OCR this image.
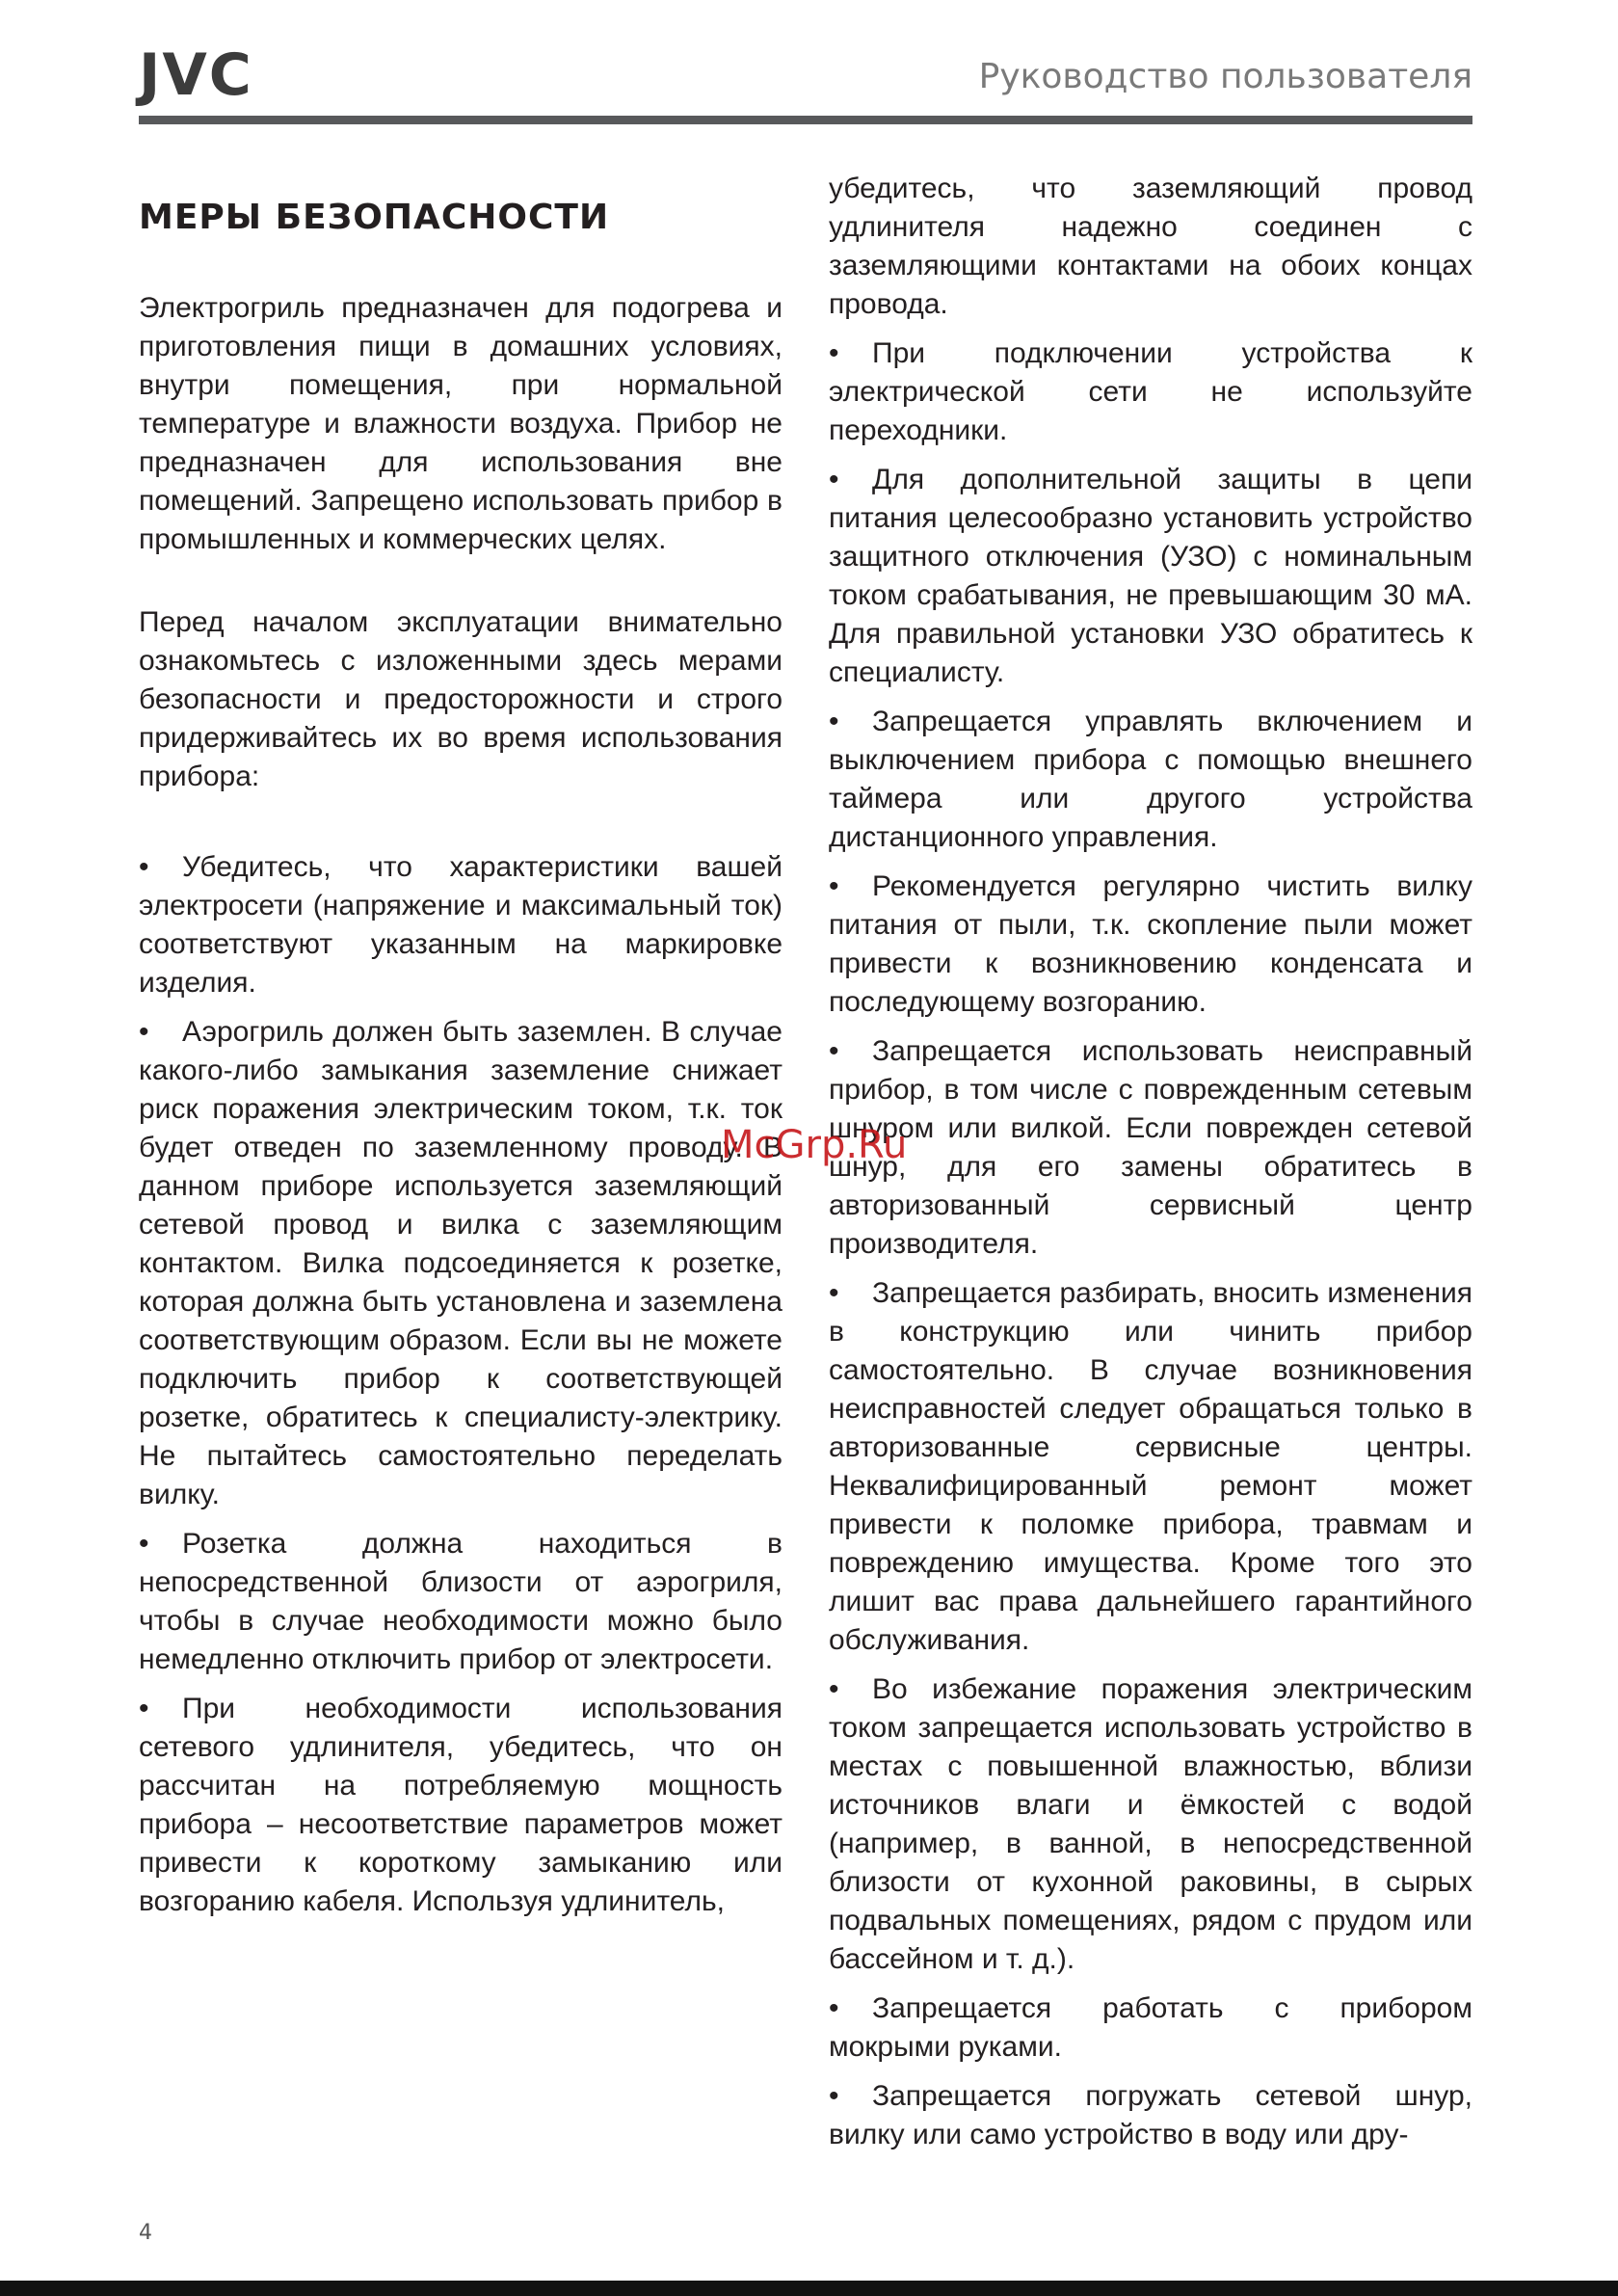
JVC	Руководство пользователя
МЕРЫ БЕЗОПАСНОСТИ

Электрогриль предназначен для подогрева и приготовления пищи в домашних условиях, внутри помещения, при нормальной температуре и влажности воздуха. Прибор не предназначен для использования вне помещений. Запрещено использовать прибор в промышленных и коммерческих целях.

Перед началом эксплуатации внимательно ознакомьтесь с изложенными здесь мерами безопасности и предосторожности и строго придерживайтесь их во время использования прибора:

• Убедитесь, что характеристики вашей электросети (напряжение и максимальный ток) соответствуют указанным на маркировке изделия.
• Аэрогриль должен быть заземлен. В случае какого-либо замыкания заземление снижает риск поражения электрическим током, т.к. ток будет отведен по заземленному проводу. В данном приборе используется заземляющий сетевой провод и вилка с заземляющим контактом. Вилка подсоединяется к розетке, которая должна быть установлена и заземлена соответствующим образом. Если вы не можете подключить прибор к соответствующей розетке, обратитесь к специалисту-электрику. Не пытайтесь самостоятельно переделать вилку.
• Розетка должна находиться в непосредственной близости от аэрогриля, чтобы в случае необходимости можно было немедленно отключить прибор от электросети.
• При необходимости использования сетевого удлинителя, убедитесь, что он рассчитан на потребляемую мощность прибора – несоответствие параметров может привести к короткому замыканию или возгоранию кабеля. Используя удлинитель,

убедитесь, что заземляющий провод удлинителя надежно соединен с заземляющими контактами на обоих концах провода.

• При подключении устройства к электрической сети не используйте переходники.
• Для дополнительной защиты в цепи питания целесообразно установить устройство защитного отключения (УЗО) с номинальным током срабатывания, не превышающим 30 мА. Для правильной установки УЗО обратитесь к специалисту.
• Запрещается управлять включением и выключением прибора с помощью внешнего таймера или другого устройства дистанционного управления.
• Рекомендуется регулярно чистить вилку питания от пыли, т.к. скопление пыли может привести к возникновению конденсата и последующему возгоранию.
• Запрещается использовать неисправный прибор, в том числе с поврежденным сетевым шнуром или вилкой. Если поврежден сетевой шнур, для его замены обратитесь в авторизованный сервисный центр производителя.
• Запрещается разбирать, вносить изменения в конструкцию или чинить прибор самостоятельно. В случае возникновения неисправностей следует обращаться только в авторизованные сервисные центры. Неквалифицированный ремонт может привести к поломке прибора, травмам и повреждению имущества. Кроме того это лишит вас права дальнейшего гарантийного обслуживания.
• Во избежание поражения электрическим током запрещается использовать устройство в местах с повышенной влажностью, вблизи источников влаги и ёмкостей с водой (например, в ванной, в непосредственной близости от кухонной раковины, в сырых подвальных помещениях, рядом с прудом или бассейном и т. д.).
• Запрещается работать с прибором мокрыми руками.
• Запрещается погружать сетевой шнур, вилку или само устройство в воду или дру-
McGrp.Ru
4
